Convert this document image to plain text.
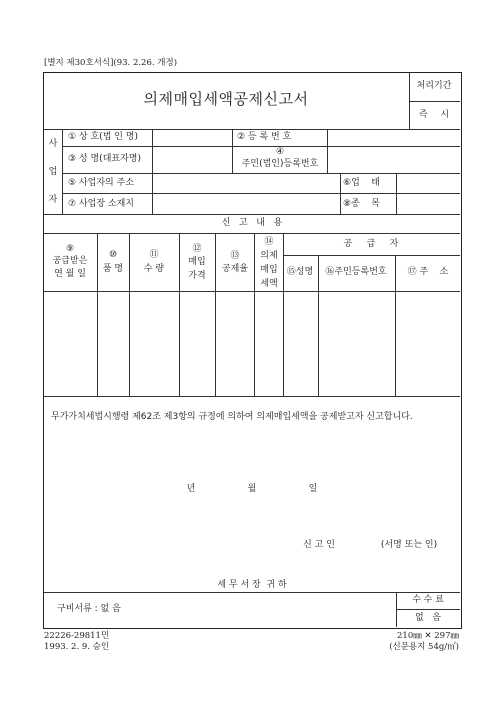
[별지 제30호서식](93. 2.26. 개정)
의제매입세액공제신고서
처리기간
즉 시
사
업
자
① 상 호(법 인 명)	② 등 록 번 호
③ 성 명(대표자명)
④
주민(법인)등록번호
⑤ 사업자의 주소	⑥업    태
⑦ 사업장 소재지	⑧종    목
신   고   내   용
⑨
공급받은
연 월 일
⑩
품 명
⑪
수 량
⑫
매입
가격
⑬
공제율
⑭
의제
매입
세액
공     급     자
⑮성명 ⑯주민등록번호 ⑰ 주    소
무가가치세법시행령 제62조 제3항의 규정에 의하여 의제매입세액을 공제받고자 신고합니다.
년	월	일
신 고 인	(서명 또는 인)
세 무 서 장  귀 하
구비서류 : 없 음
수 수 료
없   음
22226-29811민
1993. 2. 9. 승인
210㎜ ✕ 297㎜
(신문용지 54g/㎡)
